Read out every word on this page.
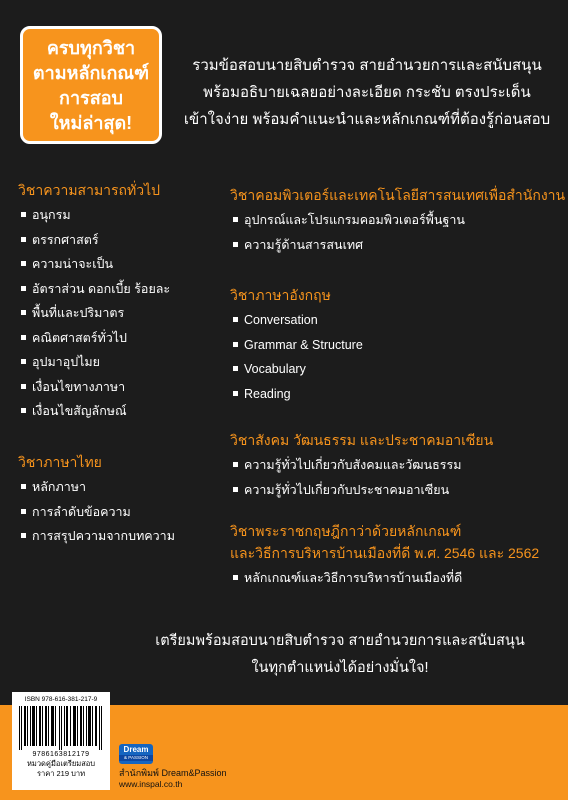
ครบทุกวิชา
ตามหลักเกณฑ์
การสอบ
ใหม่ล่าสุด!
รวมข้อสอบนายสิบตำรวจ สายอำนวยการและสนับสนุน
พร้อมอธิบายเฉลยอย่างละเอียด กระชับ ตรงประเด็น
เข้าใจง่าย พร้อมคำแนะนำและหลักเกณฑ์ที่ต้องรู้ก่อนสอบ
วิชาความสามารถทั่วไป
อนุกรม
ตรรกศาสตร์
ความน่าจะเป็น
อัตราส่วน ดอกเบี้ย ร้อยละ
พื้นที่และปริมาตร
คณิตศาสตร์ทั่วไป
อุปมาอุปไมย
เงื่อนไขทางภาษา
เงื่อนไขสัญลักษณ์
วิชาภาษาไทย
หลักภาษา
การลำดับข้อความ
การสรุปความจากบทความ
วิชาคอมพิวเตอร์และเทคโนโลยีสารสนเทศเพื่อสำนักงาน
อุปกรณ์และโปรแกรมคอมพิวเตอร์พื้นฐาน
ความรู้ด้านสารสนเทศ
วิชาภาษาอังกฤษ
Conversation
Grammar & Structure
Vocabulary
Reading
วิชาสังคม วัฒนธรรม และประชาคมอาเซียน
ความรู้ทั่วไปเกี่ยวกับสังคมและวัฒนธรรม
ความรู้ทั่วไปเกี่ยวกับประชาคมอาเซียน
วิชาพระราชกฤษฎีกาว่าด้วยหลักเกณฑ์
และวิธีการบริหารบ้านเมืองที่ดี พ.ศ. 2546 และ 2562
หลักเกณฑ์และวิธีการบริหารบ้านเมืองที่ดี
เตรียมพร้อมสอบนายสิบตำรวจ สายอำนวยการและสนับสนุน
ในทุกตำแหน่งได้อย่างมั่นใจ!
ISBN 978-616-381-217-9
9786163812179
หมวดคู่มือเตรียมสอบ
ราคา 219 บาท
Dream
& PASSION
สำนักพิมพ์ Dream&Passion
www.inspal.co.th
